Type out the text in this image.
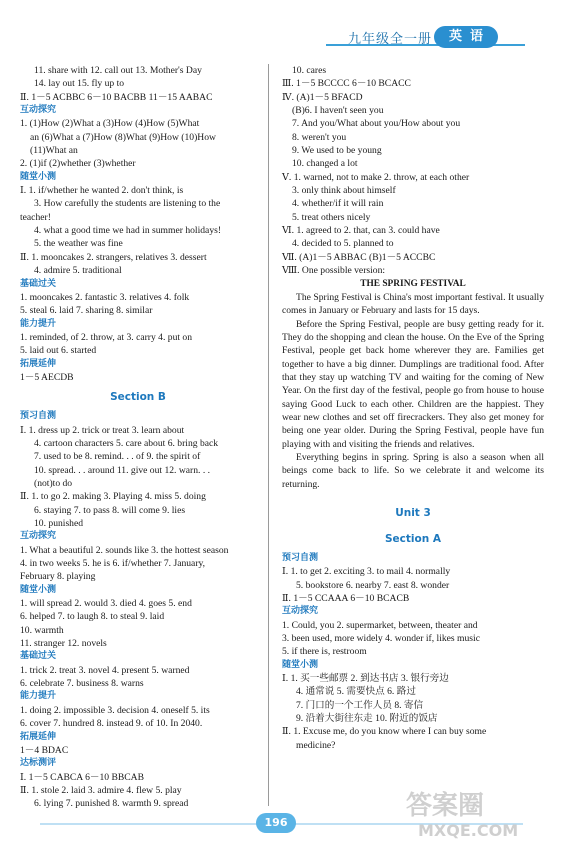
九年级全一册	英语
11. share with 12. call out 13. Mother's Day
14. lay out 15. fly up to
Ⅱ. 1－5 ACBBC 6－10 BACBB 11－15 AABAC
互动探究
1. (1)How (2)What a (3)How (4)How (5)What
an (6)What a (7)How (8)What (9)How (10)How
(11)What an
2. (1)if (2)whether (3)whether
随堂小测
Ⅰ. 1. if/whether he wanted 2. don't think, is
3. How carefully the students are listening to the
teacher!
4. what a good time we had in summer holidays!
5. the weather was fine
Ⅱ. 1. mooncakes 2. strangers, relatives 3. dessert
4. admire 5. traditional
基础过关
1. mooncakes 2. fantastic 3. relatives 4. folk
5. steal 6. laid 7. sharing 8. similar
能力提升
1. reminded, of 2. throw, at 3. carry 4. put on
5. laid out 6. started
拓展延伸
1－5 AECDB
Section B
预习自测
Ⅰ. 1. dress up 2. trick or treat 3. learn about
4. cartoon characters 5. care about 6. bring back
7. used to be 8. remind. . . of 9. the spirit of
10. spread. . . around 11. give out 12. warn. . .
(not)to do
Ⅱ. 1. to go 2. making 3. Playing 4. miss 5. doing
6. staying 7. to pass 8. will come 9. lies
10. punished
互动探究
1. What a beautiful 2. sounds like 3. the hottest season
4. in two weeks 5. he is 6. if/whether 7. January,
February 8. playing
随堂小测
1. will spread 2. would 3. died 4. goes 5. end
6. helped 7. to laugh 8. to steal 9. laid
10. warmth
11. stranger 12. novels
基础过关
1. trick 2. treat 3. novel 4. present 5. warned
6. celebrate 7. business 8. warns
能力提升
1. doing 2. impossible 3. decision 4. oneself 5. its
6. cover 7. hundred 8. instead 9. of 10. In 2040.
拓展延伸
1－4 BDAC
达标测评
Ⅰ. 1－5 CABCA 6－10 BBCAB
Ⅱ. 1. stole 2. laid 3. admire 4. flew 5. play
6. lying 7. punished 8. warmth 9. spread
10. cares
Ⅲ. 1－5 BCCCC 6－10 BCACC
Ⅳ. (A)1－5 BFACD
(B)6. I haven't seen you
7. And you/What about you/How about you
8. weren't you
9. We used to be young
10. changed a lot
Ⅴ. 1. warned, not to make 2. throw, at each other
3. only think about himself
4. whether/if it will rain
5. treat others nicely
Ⅵ. 1. agreed to 2. that, can 3. could have
4. decided to 5. planned to
Ⅶ. (A)1－5 ABBAC (B)1－5 ACCBC
Ⅷ. One possible version:
THE SPRING FESTIVAL
The Spring Festival is China's most important festival. It usually comes in January or February and lasts for 15 days.
Before the Spring Festival, people are busy getting ready for it. They do the shopping and clean the house. On the Eve of the Spring Festival, people get back home wherever they are. Families get together to have a big dinner. Dumplings are traditional food. After that they stay up watching TV and waiting for the coming of New Year. On the first day of the festival, people go from house to house saying Good Luck to each other. Children are the happiest. They wear new clothes and set off firecrackers. They also get money for being one year older. During the Spring Festival, people have fun playing with and visiting the friends and relatives.
Everything begins in spring. Spring is also a season when all beings come back to life. So we celebrate it and welcome its returning.
Unit 3
Section A
预习自测
Ⅰ. 1. to get 2. exciting 3. to mail 4. normally
5. bookstore 6. nearby 7. east 8. wonder
Ⅱ. 1－5 CCAAA 6－10 BCACB
互动探究
1. Could, you 2. supermarket, between, theater and
3. been used, more widely 4. wonder if, likes music
5. if there is, restroom
随堂小测
Ⅰ. 1. 买一些邮票 2. 到达书店 3. 银行旁边
4. 通常说 5. 需要快点 6. 路过
7. 门口的一个工作人员 8. 寄信
9. 沿着大街往东走 10. 附近的饭店
Ⅱ. 1. Excuse me, do you know where I can buy some
medicine?
196
答案圈
MXQE.COM
